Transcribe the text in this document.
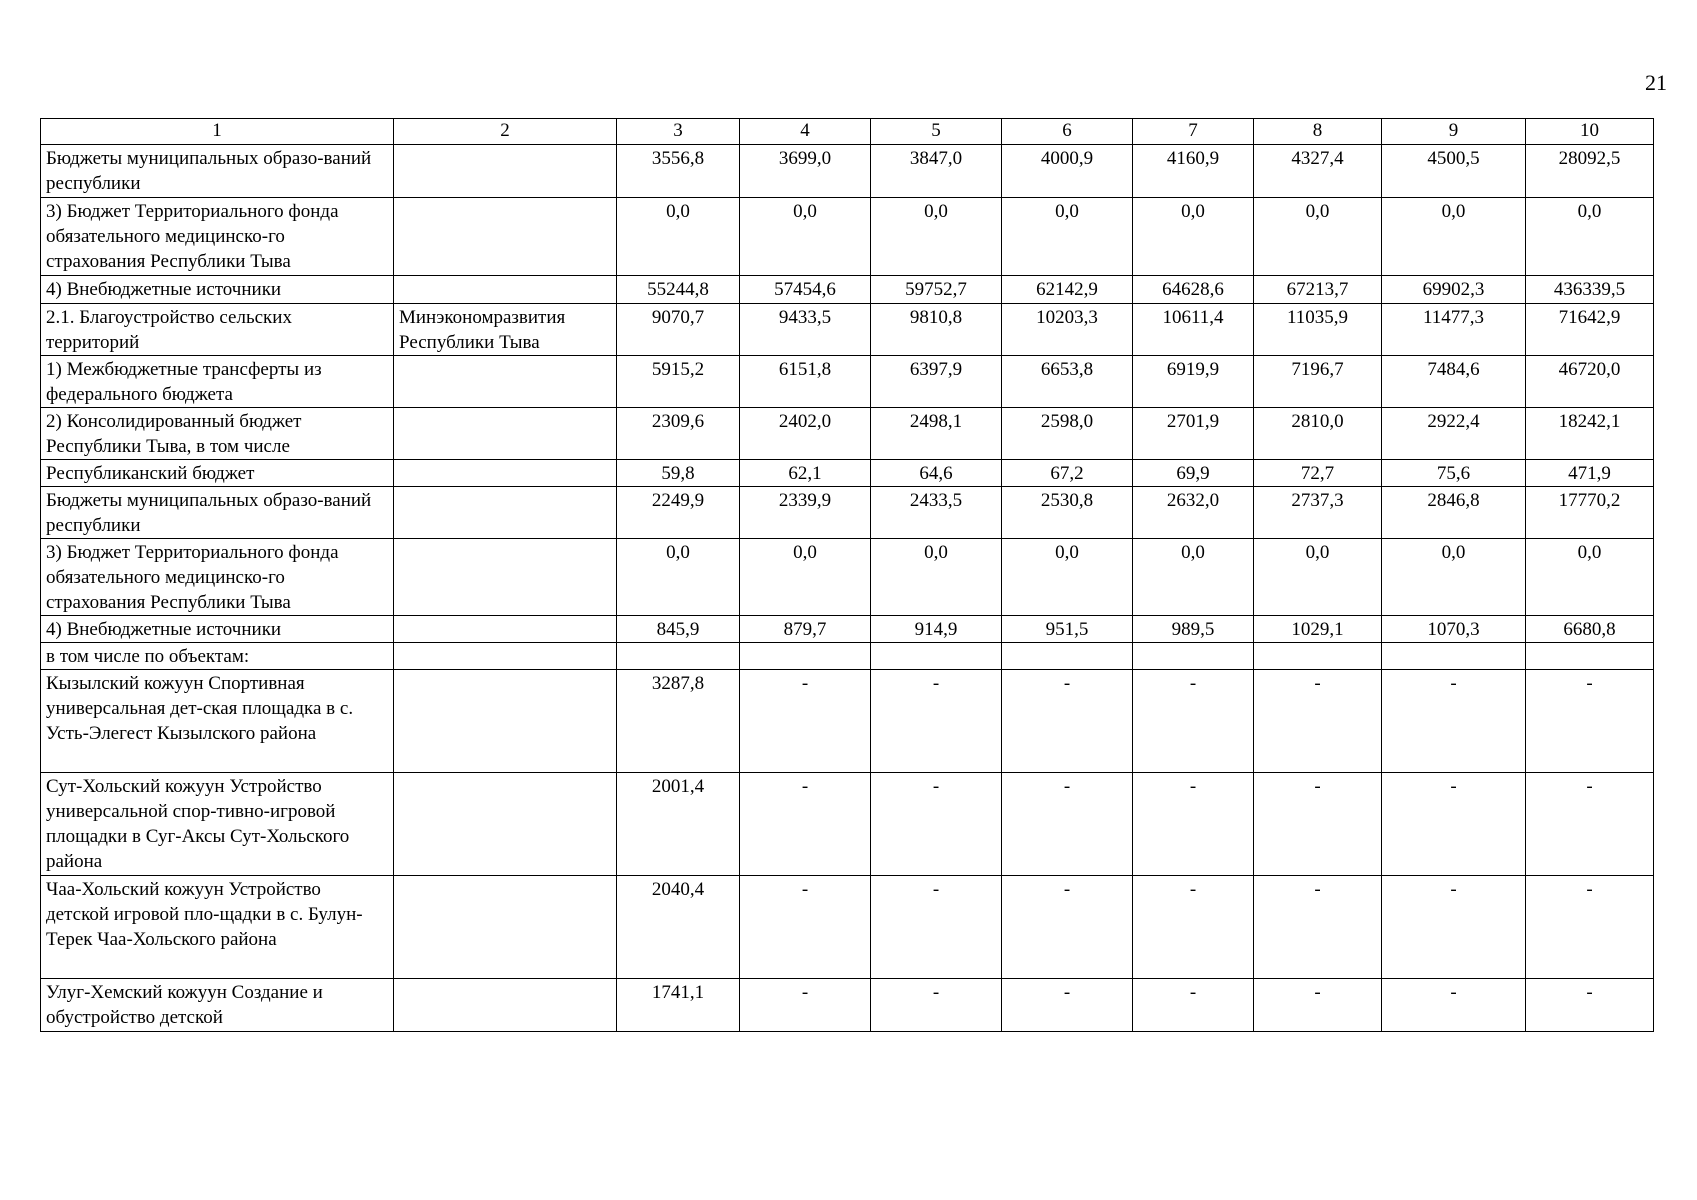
21
1	2	3	4	5	6	7	8	9	10
Бюджеты муниципальных образо-ваний республики		3556,8	3699,0	3847,0	4000,9	4160,9	4327,4	4500,5	28092,5
3) Бюджет Территориального фонда обязательного медицинско-го страхования Республики Тыва		0,0	0,0	0,0	0,0	0,0	0,0	0,0	0,0
4) Внебюджетные источники		55244,8	57454,6	59752,7	62142,9	64628,6	67213,7	69902,3	436339,5
2.1. Благоустройство сельских территорий	Минэкономразвития Республики Тыва	9070,7	9433,5	9810,8	10203,3	10611,4	11035,9	11477,3	71642,9
1) Межбюджетные трансферты из федерального бюджета		5915,2	6151,8	6397,9	6653,8	6919,9	7196,7	7484,6	46720,0
2) Консолидированный бюджет Республики Тыва, в том числе		2309,6	2402,0	2498,1	2598,0	2701,9	2810,0	2922,4	18242,1
Республиканский бюджет		59,8	62,1	64,6	67,2	69,9	72,7	75,6	471,9
Бюджеты муниципальных образо-ваний республики		2249,9	2339,9	2433,5	2530,8	2632,0	2737,3	2846,8	17770,2
3) Бюджет Территориального фонда обязательного медицинско-го страхования Республики Тыва		0,0	0,0	0,0	0,0	0,0	0,0	0,0	0,0
4) Внебюджетные источники		845,9	879,7	914,9	951,5	989,5	1029,1	1070,3	6680,8
в том числе по объектам:									
Кызылский кожуун Спортивная универсальная дет-ская площадка в с. Усть-Элегест Кызылского района		3287,8	-	-	-	-	-	-	-
Сут-Хольский кожуун Устройство универсальной спор-тивно-игровой площадки в Суг-Аксы Сут-Хольского района		2001,4	-	-	-	-	-	-	-
Чаа-Хольский кожуун Устройство детской игровой пло-щадки в с. Булун-Терек Чаа-Хольского района		2040,4	-	-	-	-	-	-	-
Улуг-Хемский кожуун Создание и обустройство детской		1741,1	-	-	-	-	-	-	-
